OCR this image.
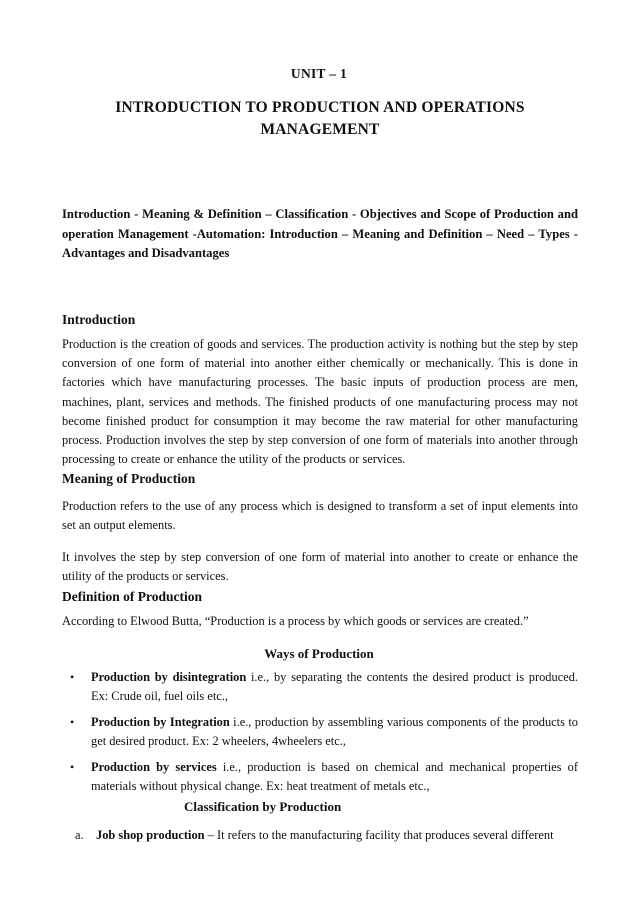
UNIT – 1
INTRODUCTION TO PRODUCTION AND OPERATIONS MANAGEMENT
Introduction - Meaning & Definition – Classification - Objectives and Scope of Production and operation Management -Automation: Introduction – Meaning and Definition – Need – Types - Advantages and Disadvantages
Introduction
Production is the creation of goods and services. The production activity is nothing but the step by step conversion of one form of material into another either chemically or mechanically. This is done in factories which have manufacturing processes. The basic inputs of production process are men, machines, plant, services and methods. The finished products of one manufacturing process may not become finished product for consumption it may become the raw material for other manufacturing process. Production involves the step by step conversion of one form of materials into another through processing to create or enhance the utility of the products or services.
Meaning of Production
Production refers to the use of any process which is designed to transform a set of input elements into set an output elements.
It involves the step by step conversion of one form of material into another to create or enhance the utility of the products or services.
Definition of Production
According to Elwood Butta, “Production is a process by which goods or services are created.”
Ways of Production
• Production by disintegration i.e., by separating the contents the desired product is produced. Ex: Crude oil, fuel oils etc.,
• Production by Integration i.e., production by assembling various components of the products to get desired product. Ex: 2 wheelers, 4wheelers etc.,
• Production by services i.e., production is based on chemical and mechanical properties of materials without physical change. Ex: heat treatment of metals etc.,
Classification by Production
a. Job shop production – It refers to the manufacturing facility that produces several different
